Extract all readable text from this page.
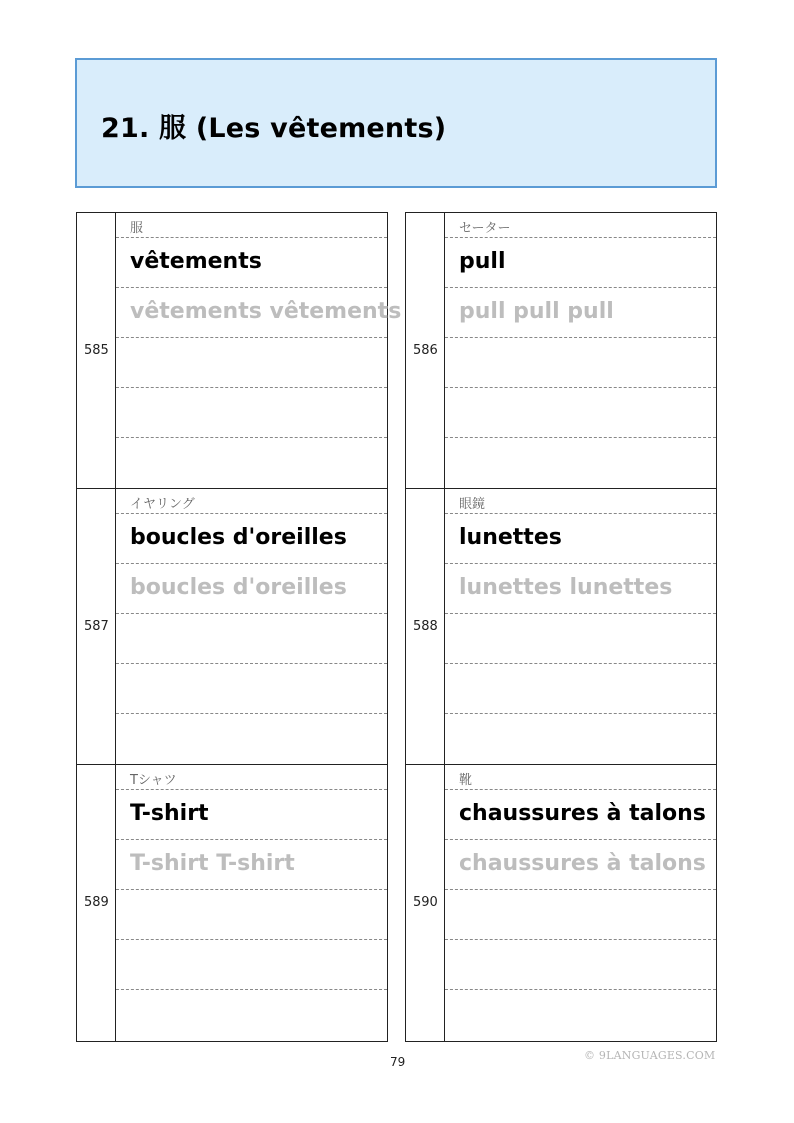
21. 服 (Les vêtements)
585
服
vêtements
vêtements vêtements
586
セーター
pull
pull pull pull
587
イヤリング
boucles d'oreilles
boucles d'oreilles
588
眼鏡
lunettes
lunettes lunettes
589
Tシャツ
T-shirt
T-shirt T-shirt
590
靴
chaussures à talons
chaussures à talons
79	© 9LANGUAGES.COM
